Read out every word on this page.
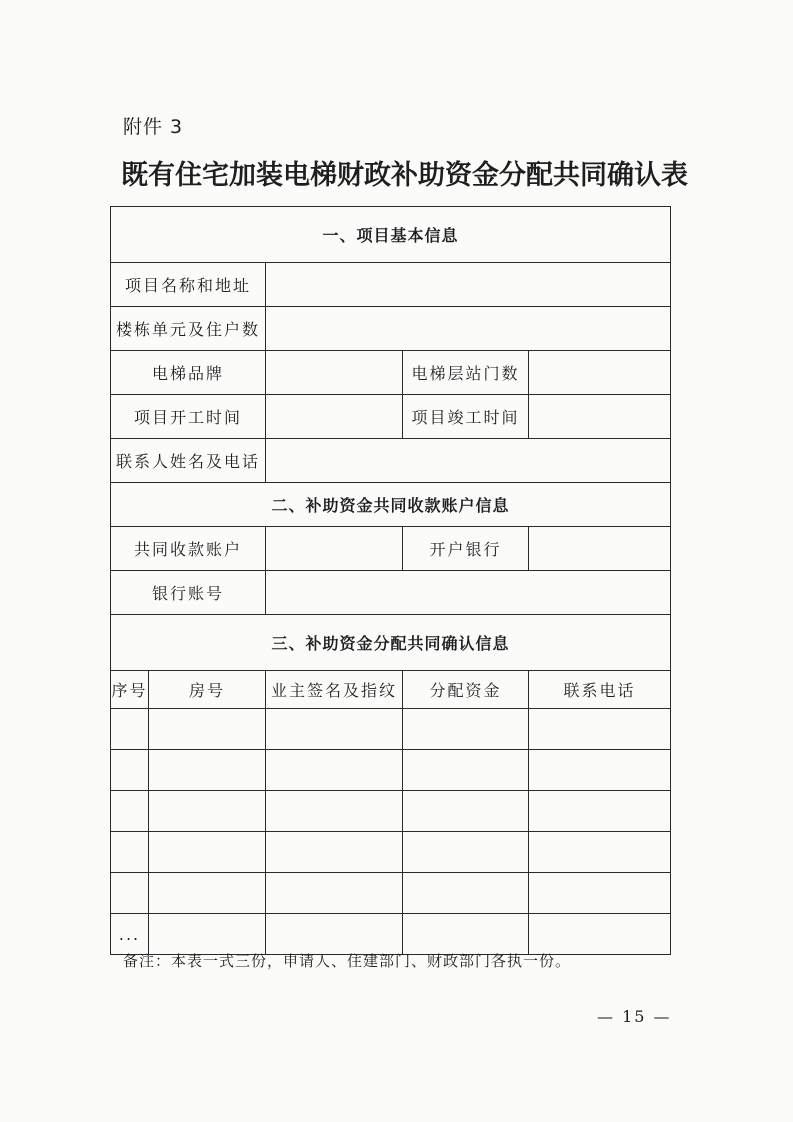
附件 3
既有住宅加装电梯财政补助资金分配共同确认表
一、项目基本信息				
项目名称和地址				
楼栋单元及住户数				
电梯品牌			电梯层站门数	
项目开工时间			项目竣工时间	
联系人姓名及电话				
二、补助资金共同收款账户信息				
共同收款账户			开户银行	
银行账号				
三、补助资金分配共同确认信息				
序号	房号	业主签名及指纹	分配资金	联系电话

...				
备注：本表一式三份，申请人、住建部门、财政部门各执一份。
— 15 —
